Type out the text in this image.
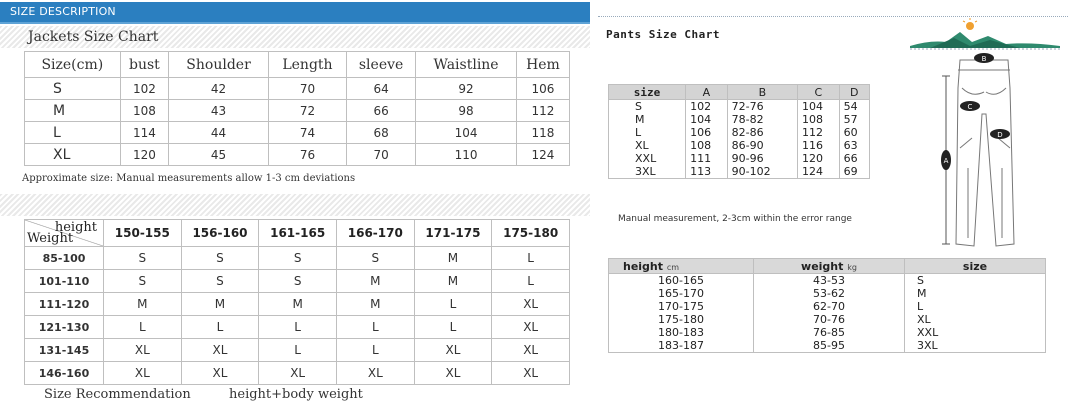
SIZE DESCRIPTION
Jackets Size Chart
Size(cm)	bust	Shoulder	Length	sleeve	Waistline	Hem
S	102	42	70	64	92	106
M	108	43	72	66	98	112
L	114	44	74	68	104	118
XL	120	45	76	70	110	124
Approximate size: Manual measurements allow 1-3 cm deviations
height
Weight	150-155	156-160	161-165	166-170	171-175	175-180
85-100	S	S	S	S	M	L
101-110	S	S	S	M	M	L
111-120	M	M	M	M	L	XL
121-130	L	L	L	L	L	XL
131-145	XL	XL	L	L	XL	XL
146-160	XL	XL	XL	XL	XL	XL
Size Recommendation	height+body weight
Pants Size Chart
size	A	B	C	D
S	102	72-76	104	54
M	104	78-82	108	57
L	106	82-86	112	60
XL	108	86-90	116	63
XXL	111	90-96	120	66
3XL	113	90-102	124	69
Manual measurement, 2-3cm within the error range
B
C
D
A
height cm	weight kg	size
160-165	43-53	S
165-170	53-62	M
170-175	62-70	L
175-180	70-76	XL
180-183	76-85	XXL
183-187	85-95	3XL
